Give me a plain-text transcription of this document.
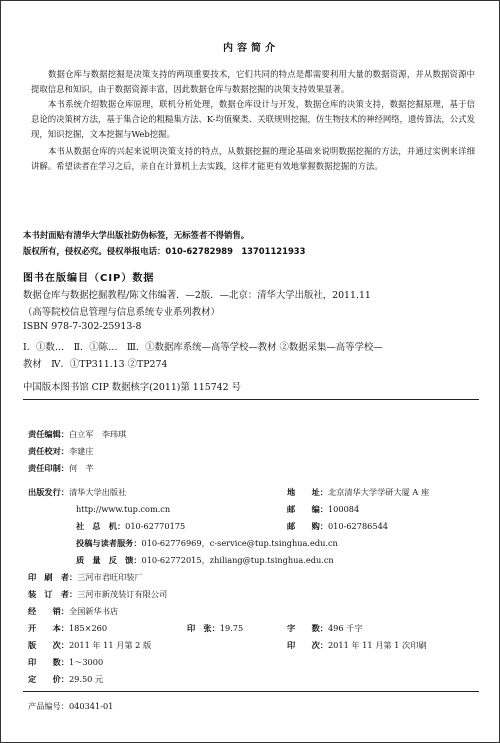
内容简介
数据仓库与数据挖掘是决策支持的两项重要技术，它们共同的特点是都需要利用大量的数据资源，并从数据资源中提取信息和知识，由于数据资源丰富，因此数据仓库与数据挖掘的决策支持效果显著。
本书系统介绍数据仓库原理，联机分析处理，数据仓库设计与开发，数据仓库的决策支持，数据挖掘原理，基于信息论的决策树方法，基于集合论的粗糙集方法、K-均值聚类、关联规则挖掘，仿生物技术的神经网络，遗传算法，公式发现，知识挖掘，文本挖掘与Web挖掘。
本书从数据仓库的兴起来说明决策支持的特点，从数据挖掘的理论基础来说明数据挖掘的方法，并通过实例来详细讲解。希望读者在学习之后，亲自在计算机上去实践，这样才能更有效地掌握数据挖掘的方法。
本书封面贴有清华大学出版社防伪标签，无标签者不得销售。
版权所有，侵权必究。侵权举报电话：010-62782989　13701121933
图书在版编目（CIP）数据
数据仓库与数据挖掘教程/陈文伟编著．—2版．—北京：清华大学出版社，2011.11
（高等院校信息管理与信息系统专业系列教材）
ISBN 978-7-302-25913-8
Ⅰ．①数…　Ⅱ．①陈…　Ⅲ．①数据库系统—高等学校—教材 ②数据采集—高等学校—
教材　Ⅳ．①TP311.13 ②TP274
中国版本图书馆 CIP 数据核字(2011)第 115742 号
责任编辑：白立军　李玮琪
责任校对：李建庄
责任印制：何　芊
出版发行：清华大学出版社	地　　址：北京清华大学学研大厦 A 座
http://www.tup.com.cn	邮　　编：100084
社　总　机：010-62770175	邮　　购：010-62786544
投稿与读者服务：010-62776969，c-service@tup.tsinghua.edu.cn
质　量　反　馈：010-62772015，zhiliang@tup.tsinghua.edu.cn
印　刷　者：三河市君旺印装厂
装　订　者：三河市新茂装订有限公司
经　　销：全国新华书店
开　　本：185×260	印　张：19.75	字　　数：496 千字
版　　次：2011 年 11 月第 2 版	印　　次：2011 年 11 月第 1 次印刷
印　　数：1～3000
定　　价：29.50 元
产品编号：040341-01
